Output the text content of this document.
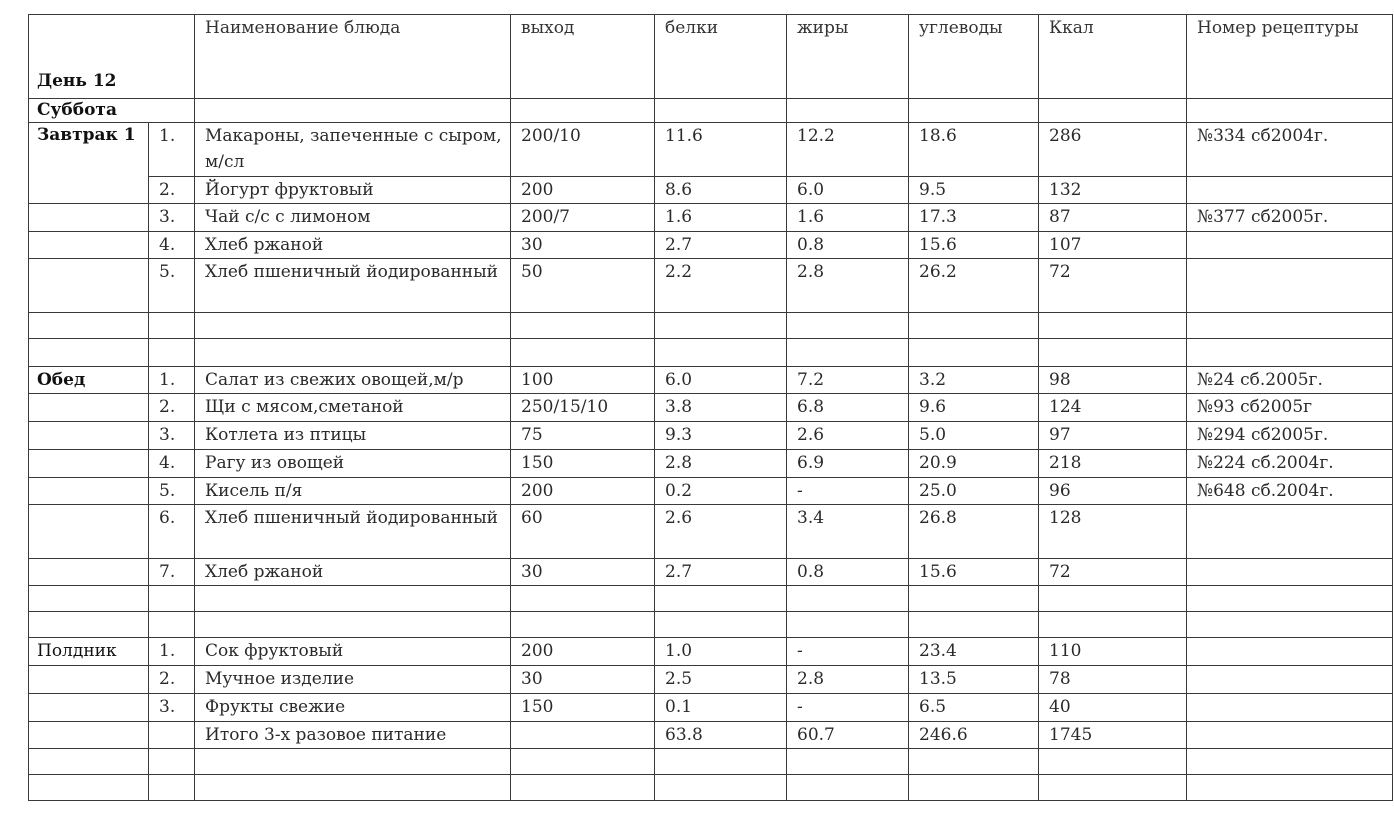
День 12		Наименование блюда	выход	белки	жиры	углеводы	Ккал	Номер рецептуры
Суббота								
Завтрак 1	1.	Макароны, запеченные с сыром, м/сл	200/10	11.6	12.2	18.6	286	№334 сб2004г.
	2.	Йогурт фруктовый	200	8.6	6.0	9.5	132	
	3.	Чай с/с с лимоном	200/7	1.6	1.6	17.3	87	№377 сб2005г.
	4.	Хлеб ржаной	30	2.7	0.8	15.6	107	
	5.	Хлеб пшеничный йодированный	50	2.2	2.8	26.2	72	

Обед	1.	Салат из свежих овощей,м/р	100	6.0	7.2	3.2	98	№24 сб.2005г.
	2.	Щи с мясом,сметаной	250/15/10	3.8	6.8	9.6	124	№93 сб2005г
	3.	Котлета из птицы	75	9.3	2.6	5.0	97	№294 сб2005г.
	4.	Рагу из овощей	150	2.8	6.9	20.9	218	№224 сб.2004г.
	5.	Кисель п/я	200	0.2	-	25.0	96	№648 сб.2004г.
	6.	Хлеб пшеничный йодированный	60	2.6	3.4	26.8	128	
	7.	Хлеб ржаной	30	2.7	0.8	15.6	72	

Полдник	1.	Сок фруктовый	200	1.0	-	23.4	110	
	2.	Мучное изделие	30	2.5	2.8	13.5	78	
	3.	Фрукты свежие	150	0.1	-	6.5	40	
		Итого 3-х разовое питание		63.8	60.7	246.6	1745	
